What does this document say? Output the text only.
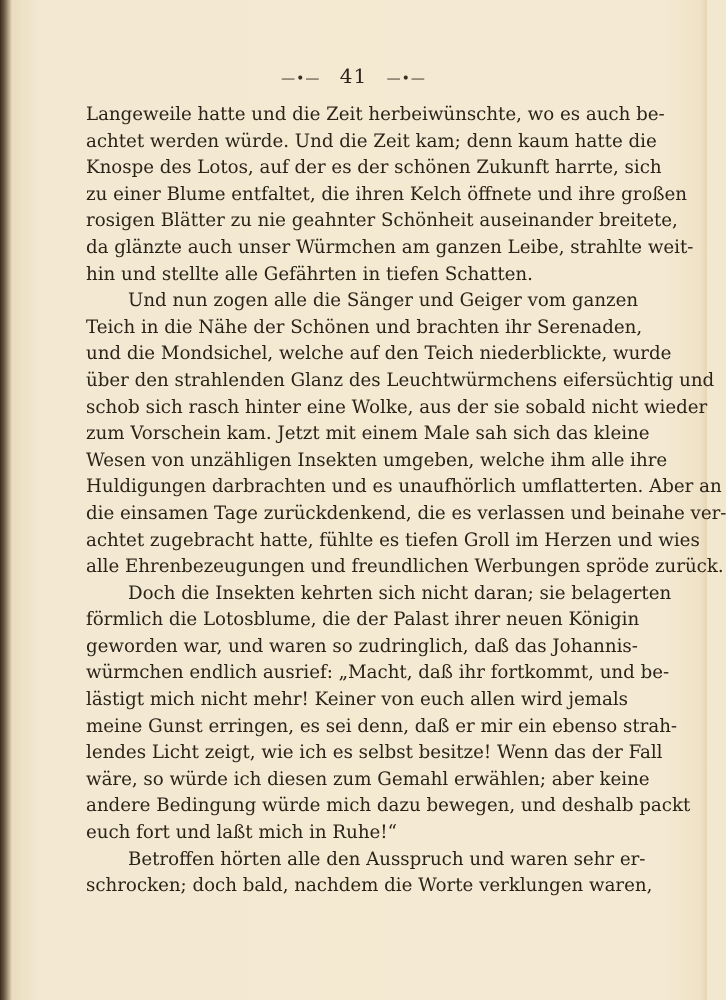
—•— 41 —•—
Langeweile hatte und die Zeit herbeiwünschte, wo es auch be-
achtet werden würde. Und die Zeit kam; denn kaum hatte die
Knospe des Lotos, auf der es der schönen Zukunft harrte, sich
zu einer Blume entfaltet, die ihren Kelch öffnete und ihre großen
rosigen Blätter zu nie geahnter Schönheit auseinander breitete,
da glänzte auch unser Würmchen am ganzen Leibe, strahlte weit-
hin und stellte alle Gefährten in tiefen Schatten.
Und nun zogen alle die Sänger und Geiger vom ganzen
Teich in die Nähe der Schönen und brachten ihr Serenaden,
und die Mondsichel, welche auf den Teich niederblickte, wurde
über den strahlenden Glanz des Leuchtwürmchens eifersüchtig und
schob sich rasch hinter eine Wolke, aus der sie sobald nicht wieder
zum Vorschein kam. Jetzt mit einem Male sah sich das kleine
Wesen von unzähligen Insekten umgeben, welche ihm alle ihre
Huldigungen darbrachten und es unaufhörlich umflatterten. Aber an
die einsamen Tage zurückdenkend, die es verlassen und beinahe ver-
achtet zugebracht hatte, fühlte es tiefen Groll im Herzen und wies
alle Ehrenbezeugungen und freundlichen Werbungen spröde zurück.
Doch die Insekten kehrten sich nicht daran; sie belagerten
förmlich die Lotosblume, die der Palast ihrer neuen Königin
geworden war, und waren so zudringlich, daß das Johannis-
würmchen endlich ausrief: „Macht, daß ihr fortkommt, und be-
lästigt mich nicht mehr! Keiner von euch allen wird jemals
meine Gunst erringen, es sei denn, daß er mir ein ebenso strah-
lendes Licht zeigt, wie ich es selbst besitze! Wenn das der Fall
wäre, so würde ich diesen zum Gemahl erwählen; aber keine
andere Bedingung würde mich dazu bewegen, und deshalb packt
euch fort und laßt mich in Ruhe!“
Betroffen hörten alle den Ausspruch und waren sehr er-
schrocken; doch bald, nachdem die Worte verklungen waren,
